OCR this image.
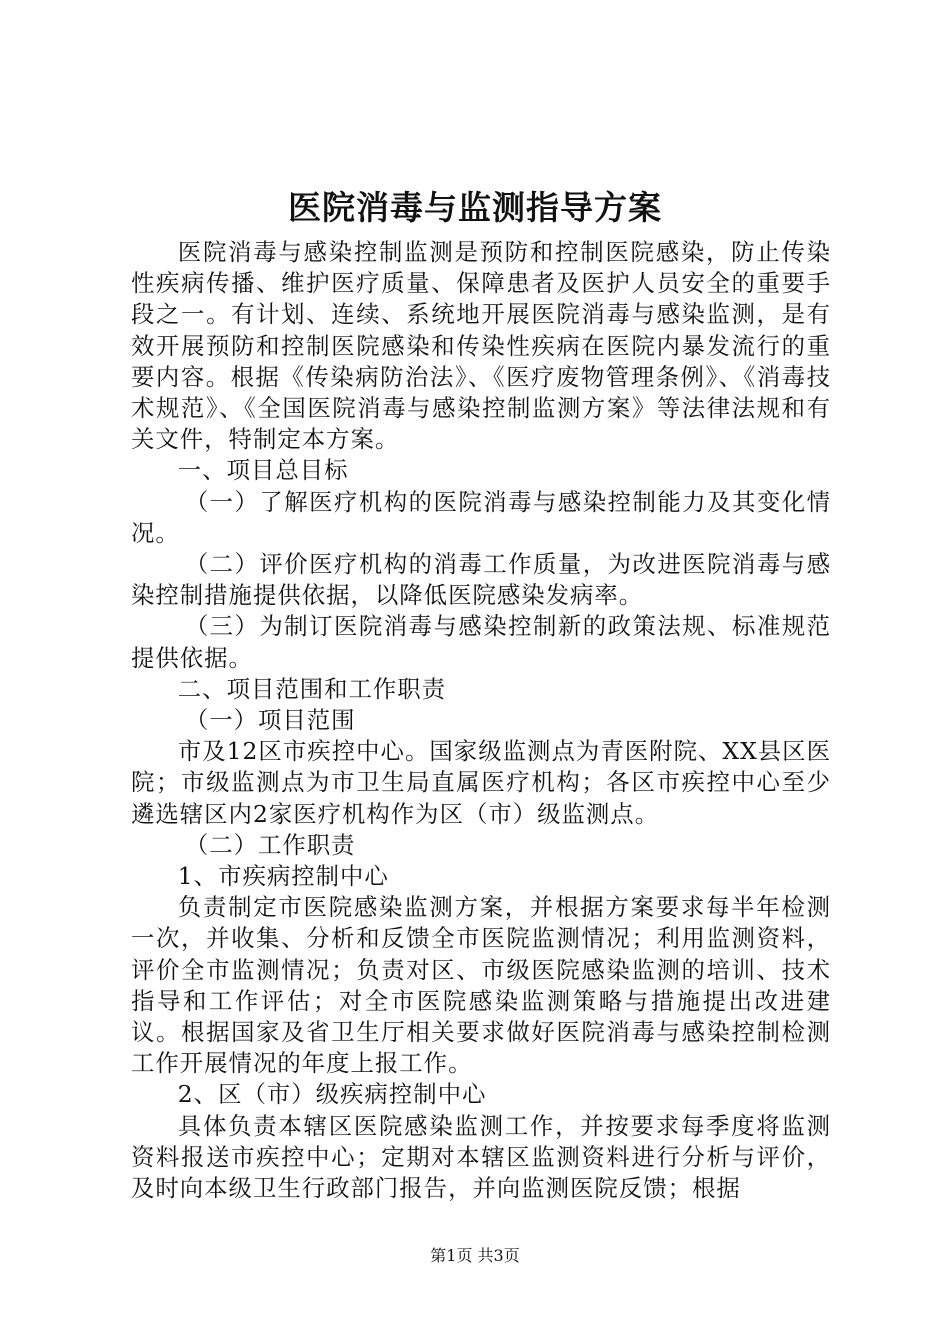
医院消毒与监测指导方案

医院消毒与感染控制监测是预防和控制医院感染，防止传染性疾病传播、维护医疗质量、保障患者及医护人员安全的重要手段之一。有计划、连续、系统地开展医院消毒与感染监测，是有效开展预防和控制医院感染和传染性疾病在医院内暴发流行的重要内容。根据《传染病防治法》、《医疗废物管理条例》、《消毒技术规范》、《全国医院消毒与感染控制监测方案》等法律法规和有关文件，特制定本方案。

一、项目总目标

（一）了解医疗机构的医院消毒与感染控制能力及其变化情况。

（二）评价医疗机构的消毒工作质量，为改进医院消毒与感染控制措施提供依据，以降低医院感染发病率。

（三）为制订医院消毒与感染控制新的政策法规、标准规范提供依据。

二、项目范围和工作职责

（一）项目范围

市及12区市疾控中心。国家级监测点为青医附院、XX县区医院；市级监测点为市卫生局直属医疗机构；各区市疾控中心至少遴选辖区内2家医疗机构作为区（市）级监测点。

（二）工作职责

1、市疾病控制中心

负责制定市医院感染监测方案，并根据方案要求每半年检测一次，并收集、分析和反馈全市医院监测情况；利用监测资料，评价全市监测情况；负责对区、市级医院感染监测的培训、技术指导和工作评估；对全市医院感染监测策略与措施提出改进建议。根据国家及省卫生厅相关要求做好医院消毒与感染控制检测工作开展情况的年度上报工作。

2、区（市）级疾病控制中心

具体负责本辖区医院感染监测工作，并按要求每季度将监测资料报送市疾控中心；定期对本辖区监测资料进行分析与评价，及时向本级卫生行政部门报告，并向监测医院反馈；根据

第1页 共3页
